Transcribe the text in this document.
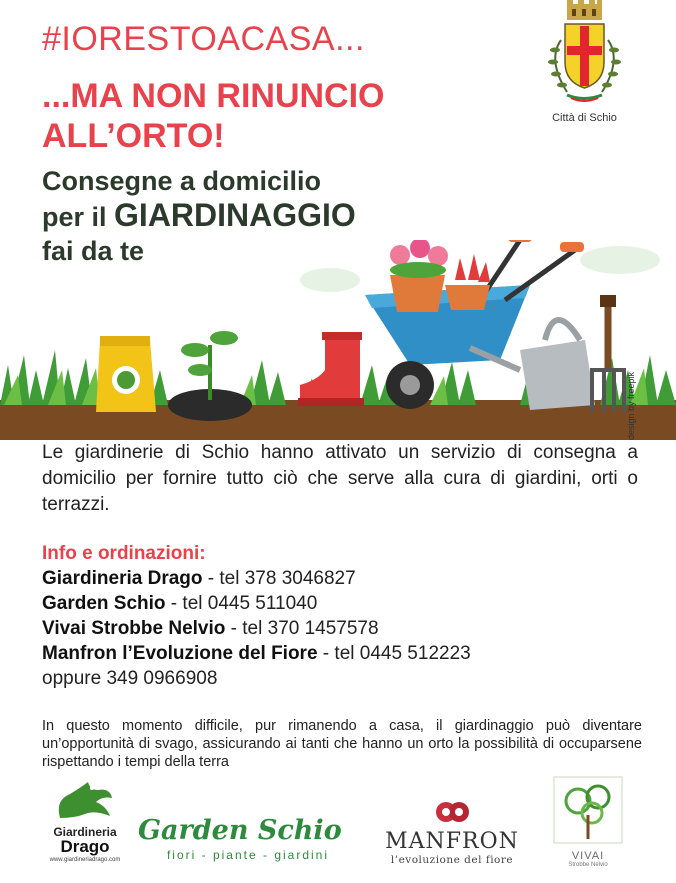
#IORESTOACASA...
...MA NON RINUNCIO
ALL’ORTO!
Consegne a domicilio
per il GIARDINAGGIO
fai da te
Città di Schio
design by freepik
Le giardinerie di Schio hanno attivato un servizio di consegna a domicilio per fornire tutto ciò che serve alla cura di giardini, orti o terrazzi.
Info e ordinazioni:
Giardineria Drago - tel 378 3046827
Garden Schio - tel 0445 511040
Vivai Strobbe Nelvio - tel 370 1457578
Manfron l’Evoluzione del Fiore - tel 0445 512223
oppure 349 0966908
In questo momento difficile, pur rimanendo a casa, il giardinaggio può diventare un’opportunità di svago, assicurando ai tanti che hanno un orto la possibilità di occuparsene rispettando i tempi della terra
Giardineria
Drago
www.giardineriadrago.com
Garden Schio
fiori - piante - giardini
MANFRON
l’evoluzione del fiore	VIVAI
Strobbe Nelvio
